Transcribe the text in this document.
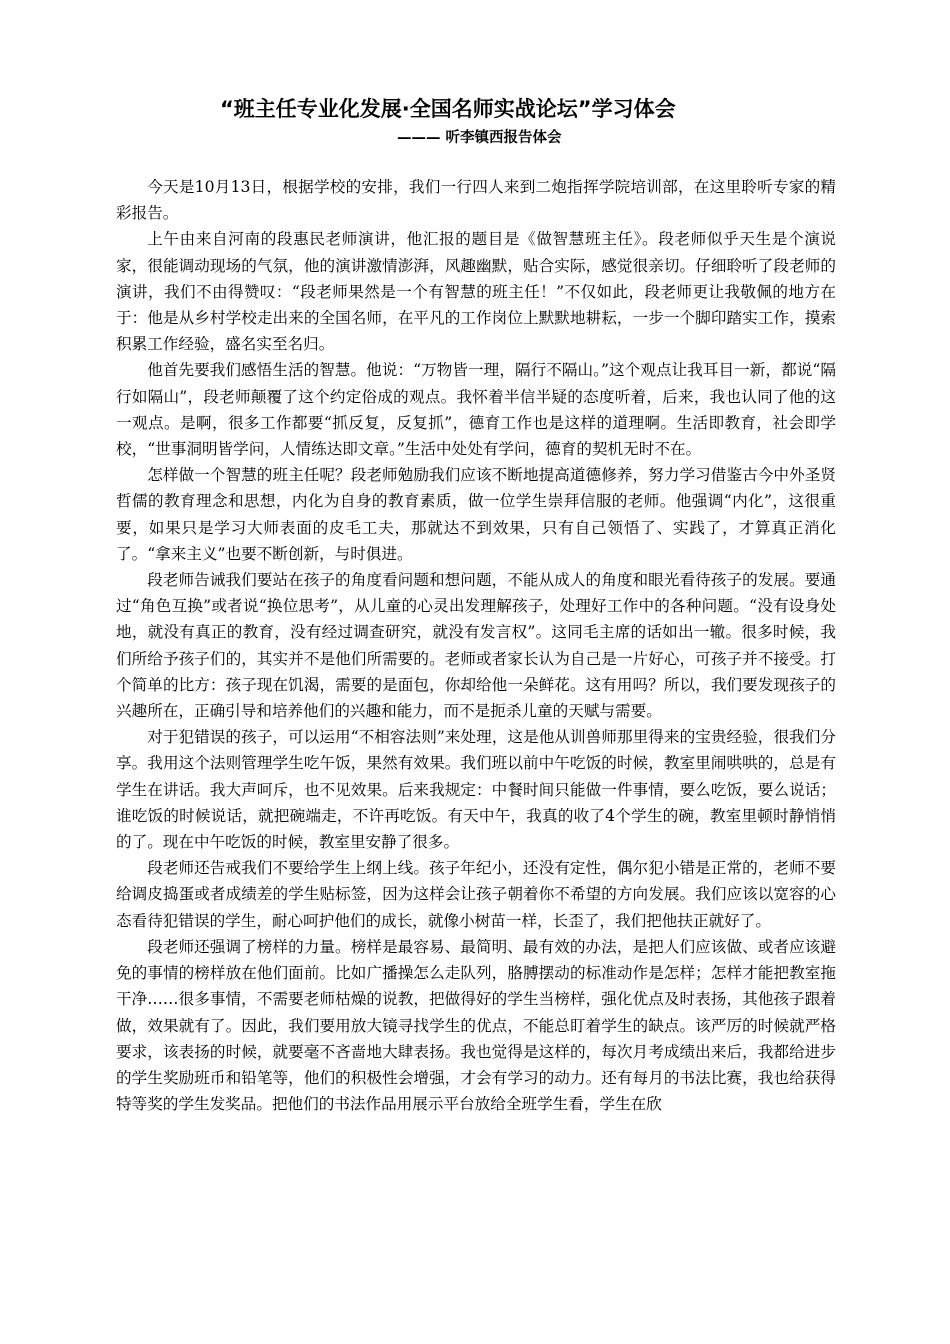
“班主任专业化发展·全国名师实战论坛”学习体会
——— 听李镇西报告体会

今天是10月13日，根据学校的安排，我们一行四人来到二炮指挥学院培训部，在这里聆听专家的精彩报告。

上午由来自河南的段惠民老师演讲，他汇报的题目是《做智慧班主任》。段老师似乎天生是个演说家，很能调动现场的气氛，他的演讲激情澎湃，风趣幽默，贴合实际，感觉很亲切。仔细聆听了段老师的演讲，我们不由得赞叹：“段老师果然是一个有智慧的班主任！”不仅如此，段老师更让我敬佩的地方在于：他是从乡村学校走出来的全国名师，在平凡的工作岗位上默默地耕耘，一步一个脚印踏实工作，摸索积累工作经验，盛名实至名归。

他首先要我们感悟生活的智慧。他说：“万物皆一理，隔行不隔山。”这个观点让我耳目一新，都说“隔行如隔山”，段老师颠覆了这个约定俗成的观点。我怀着半信半疑的态度听着，后来，我也认同了他的这一观点。是啊，很多工作都要“抓反复，反复抓”，德育工作也是这样的道理啊。生活即教育，社会即学校，“世事洞明皆学问，人情练达即文章。”生活中处处有学问，德育的契机无时不在。

怎样做一个智慧的班主任呢？段老师勉励我们应该不断地提高道德修养，努力学习借鉴古今中外圣贤哲儒的教育理念和思想，内化为自身的教育素质，做一位学生崇拜信服的老师。他强调“内化”，这很重要，如果只是学习大师表面的皮毛工夫，那就达不到效果，只有自己领悟了、实践了，才算真正消化了。“拿来主义”也要不断创新，与时俱进。

段老师告诫我们要站在孩子的角度看问题和想问题，不能从成人的角度和眼光看待孩子的发展。要通过“角色互换”或者说“换位思考”，从儿童的心灵出发理解孩子，处理好工作中的各种问题。“没有设身处地，就没有真正的教育，没有经过调查研究，就没有发言权”。这同毛主席的话如出一辙。很多时候，我们所给予孩子们的，其实并不是他们所需要的。老师或者家长认为自己是一片好心，可孩子并不接受。打个简单的比方：孩子现在饥渴，需要的是面包，你却给他一朵鲜花。这有用吗？所以，我们要发现孩子的兴趣所在，正确引导和培养他们的兴趣和能力，而不是扼杀儿童的天赋与需要。

对于犯错误的孩子，可以运用“不相容法则”来处理，这是他从训兽师那里得来的宝贵经验，很我们分享。我用这个法则管理学生吃午饭，果然有效果。我们班以前中午吃饭的时候，教室里闹哄哄的，总是有学生在讲话。我大声呵斥，也不见效果。后来我规定：中餐时间只能做一件事情，要么吃饭，要么说话；谁吃饭的时候说话，就把碗端走，不许再吃饭。有天中午，我真的收了4个学生的碗，教室里顿时静悄悄的了。现在中午吃饭的时候，教室里安静了很多。

段老师还告戒我们不要给学生上纲上线。孩子年纪小，还没有定性，偶尔犯小错是正常的，老师不要给调皮捣蛋或者成绩差的学生贴标签，因为这样会让孩子朝着你不希望的方向发展。我们应该以宽容的心态看待犯错误的学生，耐心呵护他们的成长，就像小树苗一样，长歪了，我们把他扶正就好了。

段老师还强调了榜样的力量。榜样是最容易、最简明、最有效的办法，是把人们应该做、或者应该避免的事情的榜样放在他们面前。比如广播操怎么走队列，胳膊摆动的标准动作是怎样；怎样才能把教室拖干净……很多事情，不需要老师枯燥的说教，把做得好的学生当榜样，强化优点及时表扬，其他孩子跟着做，效果就有了。因此，我们要用放大镜寻找学生的优点，不能总盯着学生的缺点。该严厉的时候就严格要求，该表扬的时候，就要毫不吝啬地大肆表扬。我也觉得是这样的，每次月考成绩出来后，我都给进步的学生奖励班币和铅笔等，他们的积极性会增强，才会有学习的动力。还有每月的书法比赛，我也给获得特等奖的学生发奖品。把他们的书法作品用展示平台放给全班学生看，学生在欣
